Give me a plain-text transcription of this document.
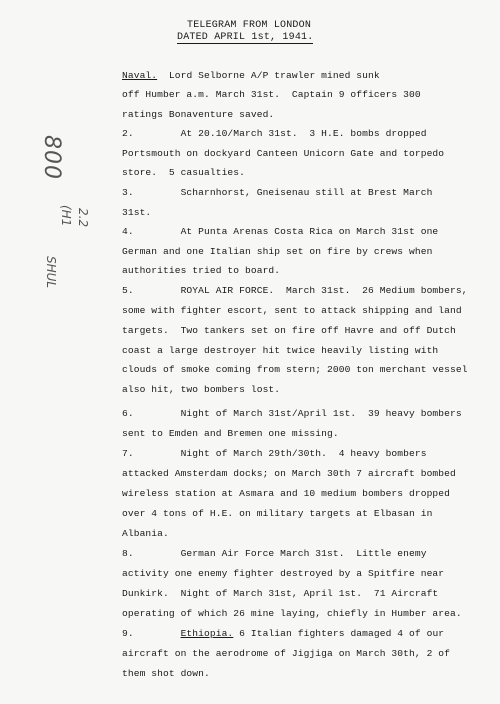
TELEGRAM FROM LONDON
DATED APRIL 1st, 1941.
800
2.2
(H1
SHUL
Naval.  Lord Selborne A/P trawler mined sunk
off Humber a.m. March 31st.  Captain 9 officers 300
ratings Bonaventure saved.
2.        At 20.10/March 31st.  3 H.E. bombs dropped
Portsmouth on dockyard Canteen Unicorn Gate and torpedo
store.  5 casualties.
3.        Scharnhorst, Gneisenau still at Brest March
31st.
4.        At Punta Arenas Costa Rica on March 31st one
German and one Italian ship set on fire by crews when
authorities tried to board.
5.        ROYAL AIR FORCE.  March 31st.  26 Medium bombers,
some with fighter escort, sent to attack shipping and land
targets.  Two tankers set on fire off Havre and off Dutch
coast a large destroyer hit twice heavily listing with
clouds of smoke coming from stern; 2000 ton merchant vessel
also hit, two bombers lost.
6.        Night of March 31st/April 1st.  39 heavy bombers
sent to Emden and Bremen one missing.
7.        Night of March 29th/30th.  4 heavy bombers
attacked Amsterdam docks; on March 30th 7 aircraft bombed
wireless station at Asmara and 10 medium bombers dropped
over 4 tons of H.E. on military targets at Elbasan in
Albania.
8.        German Air Force March 31st.  Little enemy
activity one enemy fighter destroyed by a Spitfire near
Dunkirk.  Night of March 31st, April 1st.  71 Aircraft
operating of which 26 mine laying, chiefly in Humber area.
9.        Ethiopia. 6 Italian fighters damaged 4 of our
aircraft on the aerodrome of Jigjiga on March 30th, 2 of
them shot down.
